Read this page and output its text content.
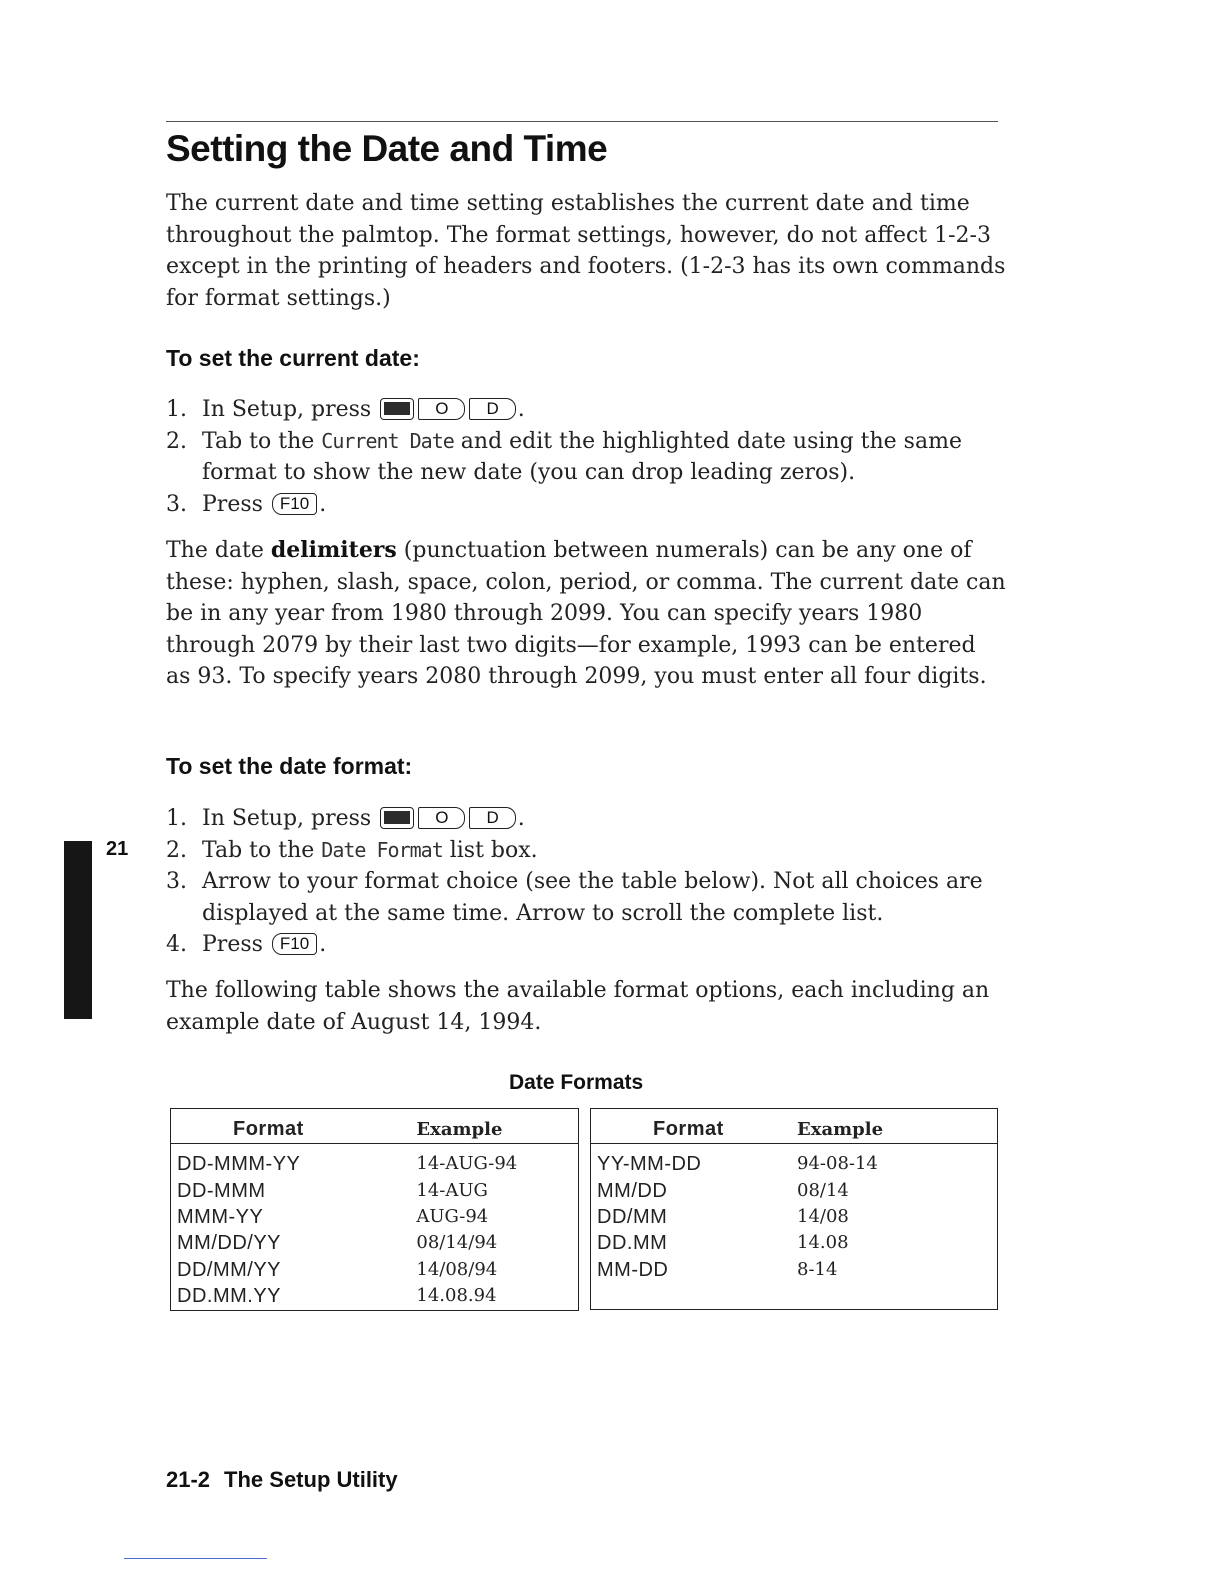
Setting the Date and Time

The current date and time setting establishes the current date and time throughout the palmtop. The format settings, however, do not affect 1-2-3 except in the printing of headers and footers. (1-2-3 has its own commands for format settings.)

To set the current date:
1. In Setup, press	O D .
2. Tab to the Current Date and edit the highlighted date using the same format to show the new date (you can drop leading zeros).
3. Press F10 .

The date delimiters (punctuation between numerals) can be any one of these: hyphen, slash, space, colon, period, or comma. The current date can be in any year from 1980 through 2099. You can specify years 1980 through 2079 by their last two digits—for example, 1993 can be entered as 93. To specify years 2080 through 2099, you must enter all four digits.

To set the date format:
21
1. In Setup, press	O D .
2. Tab to the Date Format list box.
3. Arrow to your format choice (see the table below). Not all choices are displayed at the same time. Arrow to scroll the complete list.
4. Press F10 .

The following table shows the available format options, each including an example date of August 14, 1994.

Date Formats
Format	Example
DD-MMM-YY	14-AUG-94
DD-MMM	14-AUG
MMM-YY	AUG-94
MM/DD/YY	08/14/94
DD/MM/YY	14/08/94
DD.MM.YY	14.08.94
Format	Example
YY-MM-DD	94-08-14
MM/DD	08/14
DD/MM	14/08
DD.MM	14.08
MM-DD	8-14

21-2 The Setup Utility
